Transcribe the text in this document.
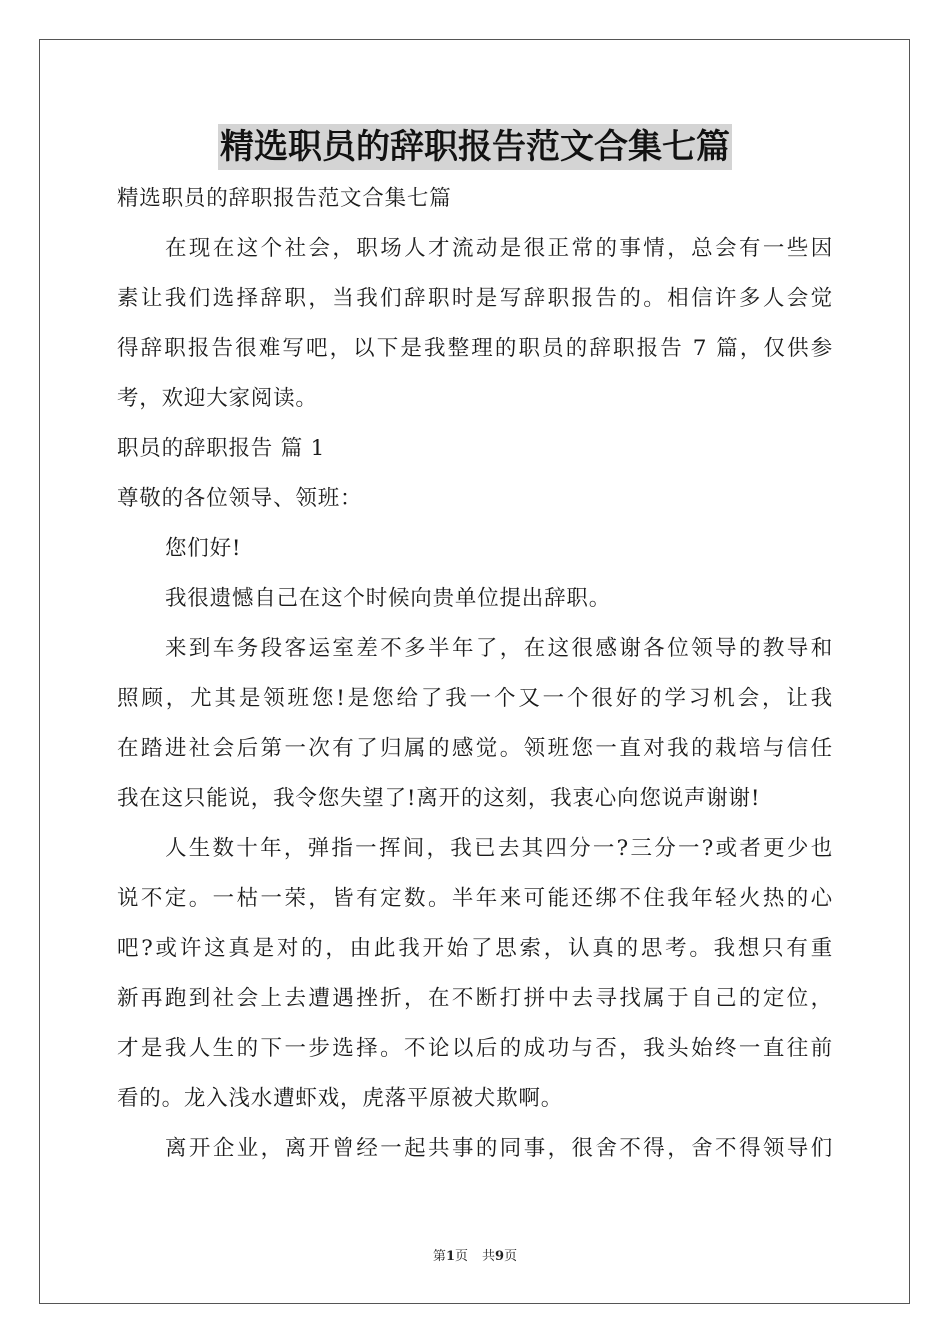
精选职员的辞职报告范文合集七篇
精选职员的辞职报告范文合集七篇
在现在这个社会，职场人才流动是很正常的事情，总会有一些因
素让我们选择辞职，当我们辞职时是写辞职报告的。相信许多人会觉
得辞职报告很难写吧，以下是我整理的职员的辞职报告 7 篇，仅供参
考，欢迎大家阅读。
职员的辞职报告 篇 1
尊敬的各位领导、领班：
您们好!
我很遗憾自己在这个时候向贵单位提出辞职。
来到车务段客运室差不多半年了，在这很感谢各位领导的教导和
照顾，尤其是领班您!是您给了我一个又一个很好的学习机会，让我
在踏进社会后第一次有了归属的感觉。领班您一直对我的栽培与信任
我在这只能说，我令您失望了!离开的这刻，我衷心向您说声谢谢!
人生数十年，弹指一挥间，我已去其四分一?三分一?或者更少也
说不定。一枯一荣，皆有定数。半年来可能还绑不住我年轻火热的心
吧?或许这真是对的，由此我开始了思索，认真的思考。我想只有重
新再跑到社会上去遭遇挫折，在不断打拼中去寻找属于自己的定位，
才是我人生的下一步选择。不论以后的成功与否，我头始终一直往前
看的。龙入浅水遭虾戏，虎落平原被犬欺啊。
离开企业，离开曾经一起共事的同事，很舍不得，舍不得领导们
第1页 共9页
